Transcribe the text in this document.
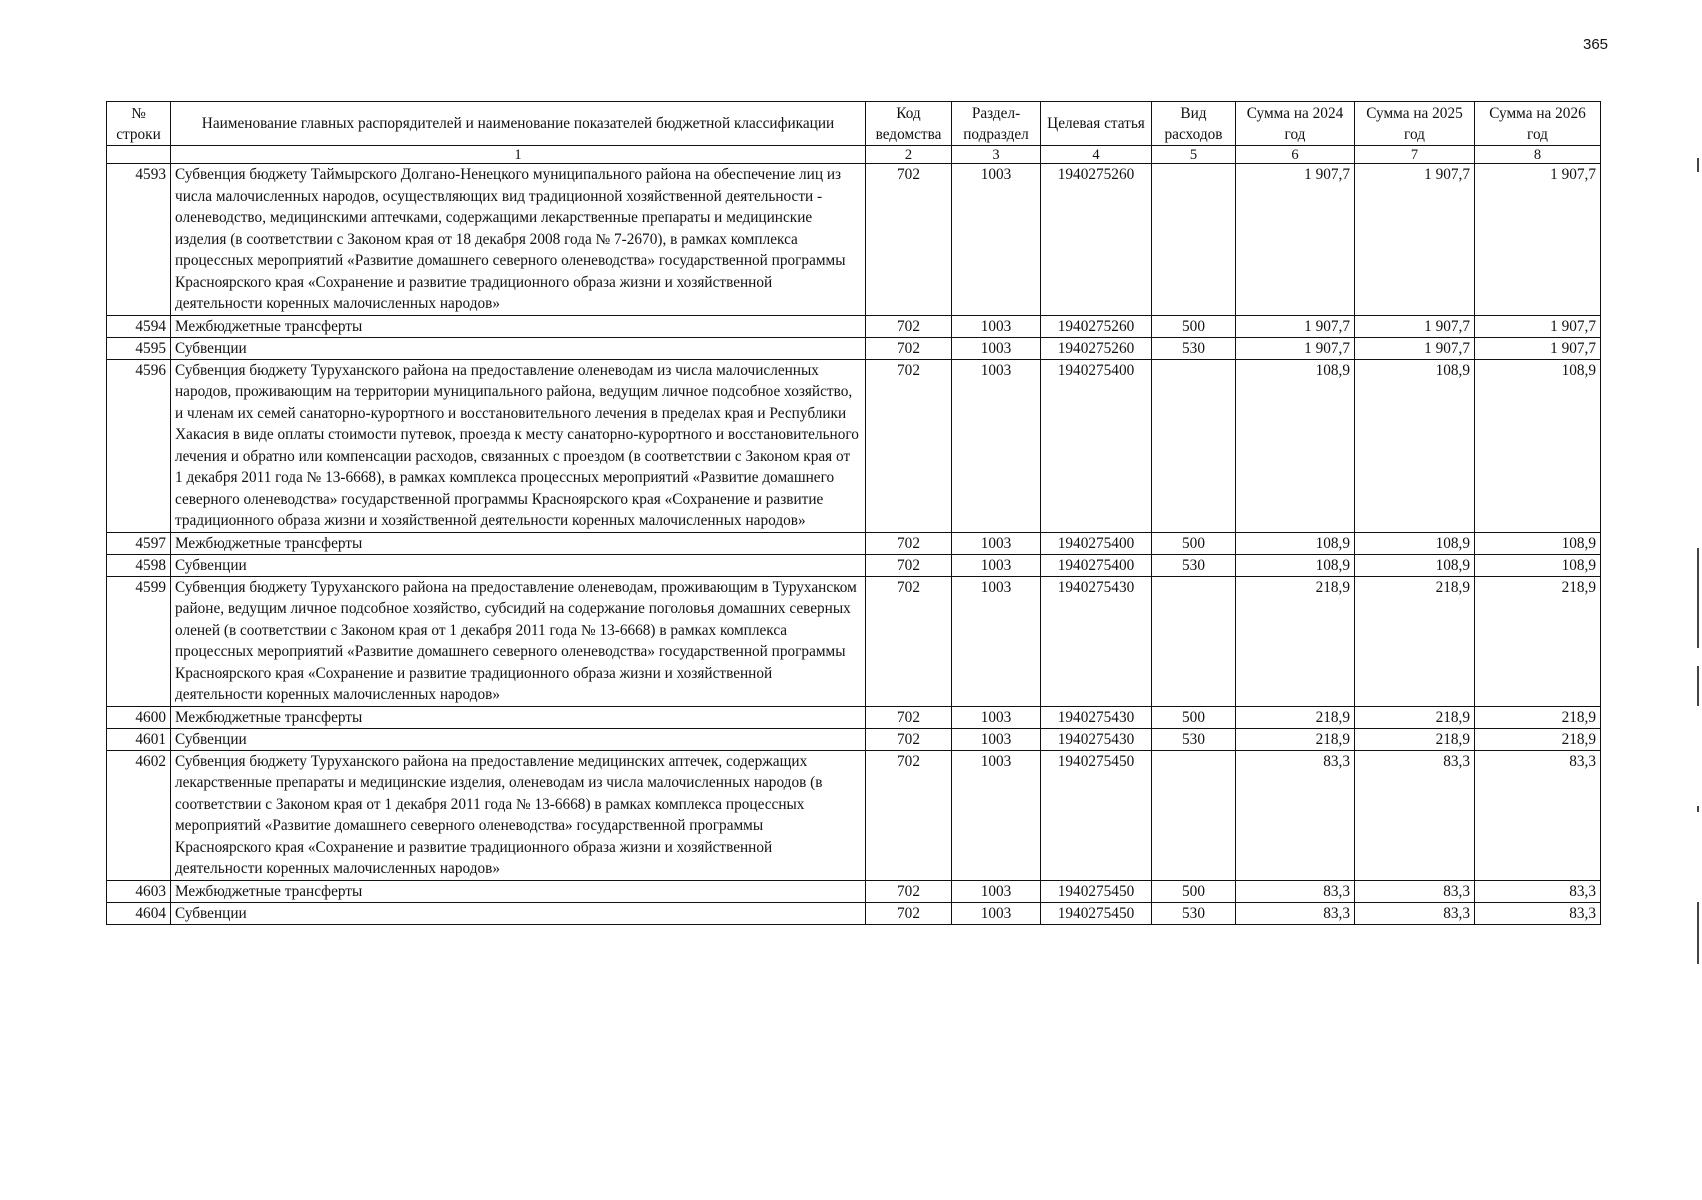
365
№ строки	Наименование главных распорядителей и наименование показателей бюджетной классификации	Код ведомства	Раздел-подраздел	Целевая статья	Вид расходов	Сумма на 2024 год	Сумма на 2025 год	Сумма на 2026 год
	1	2	3	4	5	6	7	8
4593	Субвенция бюджету Таймырского Долгано-Ненецкого муниципального района на обеспечение лиц из числа малочисленных народов, осуществляющих вид традиционной хозяйственной деятельности - оленеводство, медицинскими аптечками, содержащими лекарственные препараты и медицинские изделия (в соответствии с Законом края от 18 декабря 2008 года № 7-2670), в рамках комплекса процессных мероприятий «Развитие домашнего северного оленеводства» государственной программы Красноярского края «Сохранение и развитие традиционного образа жизни и хозяйственной деятельности коренных малочисленных народов»	702	1003	1940275260		1 907,7	1 907,7	1 907,7
4594	Межбюджетные трансферты	702	1003	1940275260	500	1 907,7	1 907,7	1 907,7
4595	Субвенции	702	1003	1940275260	530	1 907,7	1 907,7	1 907,7
4596	Субвенция бюджету Туруханского района на предоставление оленеводам из числа малочисленных народов, проживающим на территории муниципального района, ведущим личное подсобное хозяйство, и членам их семей санаторно-курортного и восстановительного лечения в пределах края и Республики Хакасия в виде оплаты стоимости путевок, проезда к месту санаторно-курортного и восстановительного лечения и обратно или компенсации расходов, связанных с проездом (в соответствии с Законом края от 1 декабря 2011 года № 13-6668), в рамках комплекса процессных мероприятий «Развитие домашнего северного оленеводства» государственной программы Красноярского края «Сохранение и развитие традиционного образа жизни и хозяйственной деятельности коренных малочисленных народов»	702	1003	1940275400		108,9	108,9	108,9
4597	Межбюджетные трансферты	702	1003	1940275400	500	108,9	108,9	108,9
4598	Субвенции	702	1003	1940275400	530	108,9	108,9	108,9
4599	Субвенция бюджету Туруханского района на предоставление оленеводам, проживающим в Туруханском районе, ведущим личное подсобное хозяйство, субсидий на содержание поголовья домашних северных оленей (в соответствии с Законом края от 1 декабря 2011 года № 13-6668) в рамках комплекса процессных мероприятий «Развитие домашнего северного оленеводства» государственной программы Красноярского края «Сохранение и развитие традиционного образа жизни и хозяйственной деятельности коренных малочисленных народов»	702	1003	1940275430		218,9	218,9	218,9
4600	Межбюджетные трансферты	702	1003	1940275430	500	218,9	218,9	218,9
4601	Субвенции	702	1003	1940275430	530	218,9	218,9	218,9
4602	Субвенция бюджету Туруханского района на предоставление медицинских аптечек, содержащих лекарственные препараты и медицинские изделия, оленеводам из числа малочисленных народов (в соответствии с Законом края от 1 декабря 2011 года № 13-6668) в рамках комплекса процессных мероприятий «Развитие домашнего северного оленеводства» государственной программы Красноярского края «Сохранение и развитие традиционного образа жизни и хозяйственной деятельности коренных малочисленных народов»	702	1003	1940275450		83,3	83,3	83,3
4603	Межбюджетные трансферты	702	1003	1940275450	500	83,3	83,3	83,3
4604	Субвенции	702	1003	1940275450	530	83,3	83,3	83,3
